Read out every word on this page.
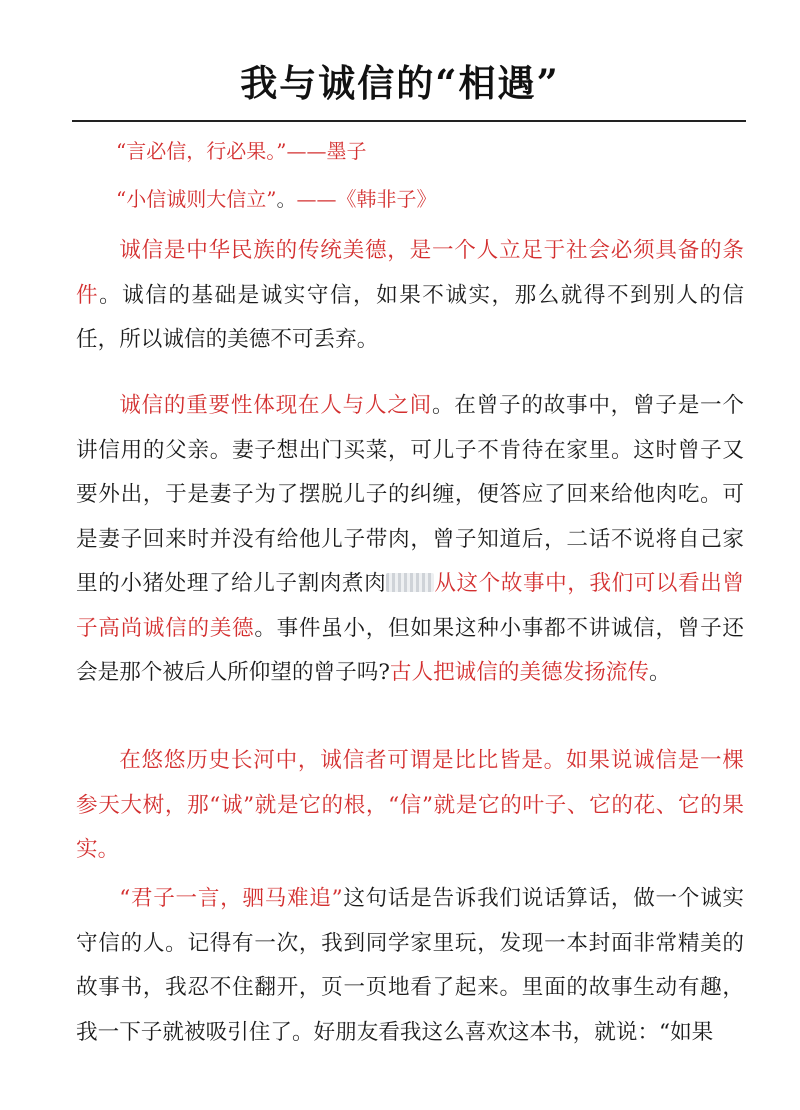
我与诚信的“相遇”
“言必信，行必果。”——墨子
“小信诚则大信立”。——《韩非子》

诚信是中华民族的传统美德，是一个人立足于社会必须具备的条件。诚信的基础是诚实守信，如果不诚实，那么就得不到别人的信任，所以诚信的美德不可丢弃。

诚信的重要性体现在人与人之间。在曾子的故事中，曾子是一个讲信用的父亲。妻子想出门买菜，可儿子不肯待在家里。这时曾子又要外出，于是妻子为了摆脱儿子的纠缠，便答应了回来给他肉吃。可是妻子回来时并没有给他儿子带肉，曾子知道后，二话不说将自己家里的小猪处理了给儿子割肉煮肉 从这个故事中，我们可以看出曾子高尚诚信的美德。事件虽小，但如果这种小事都不讲诚信，曾子还会是那个被后人所仰望的曾子吗?古人把诚信的美德发扬流传。

在悠悠历史长河中，诚信者可谓是比比皆是。如果说诚信是一棵参天大树，那“诚”就是它的根，“信”就是它的叶子、它的花、它的果实。

“君子一言，驷马难追”这句话是告诉我们说话算话，做一个诚实守信的人。记得有一次，我到同学家里玩，发现一本封面非常精美的故事书，我忍不住翻开，页一页地看了起来。里面的故事生动有趣，我一下子就被吸引住了。好朋友看我这么喜欢这本书，就说：“如果
